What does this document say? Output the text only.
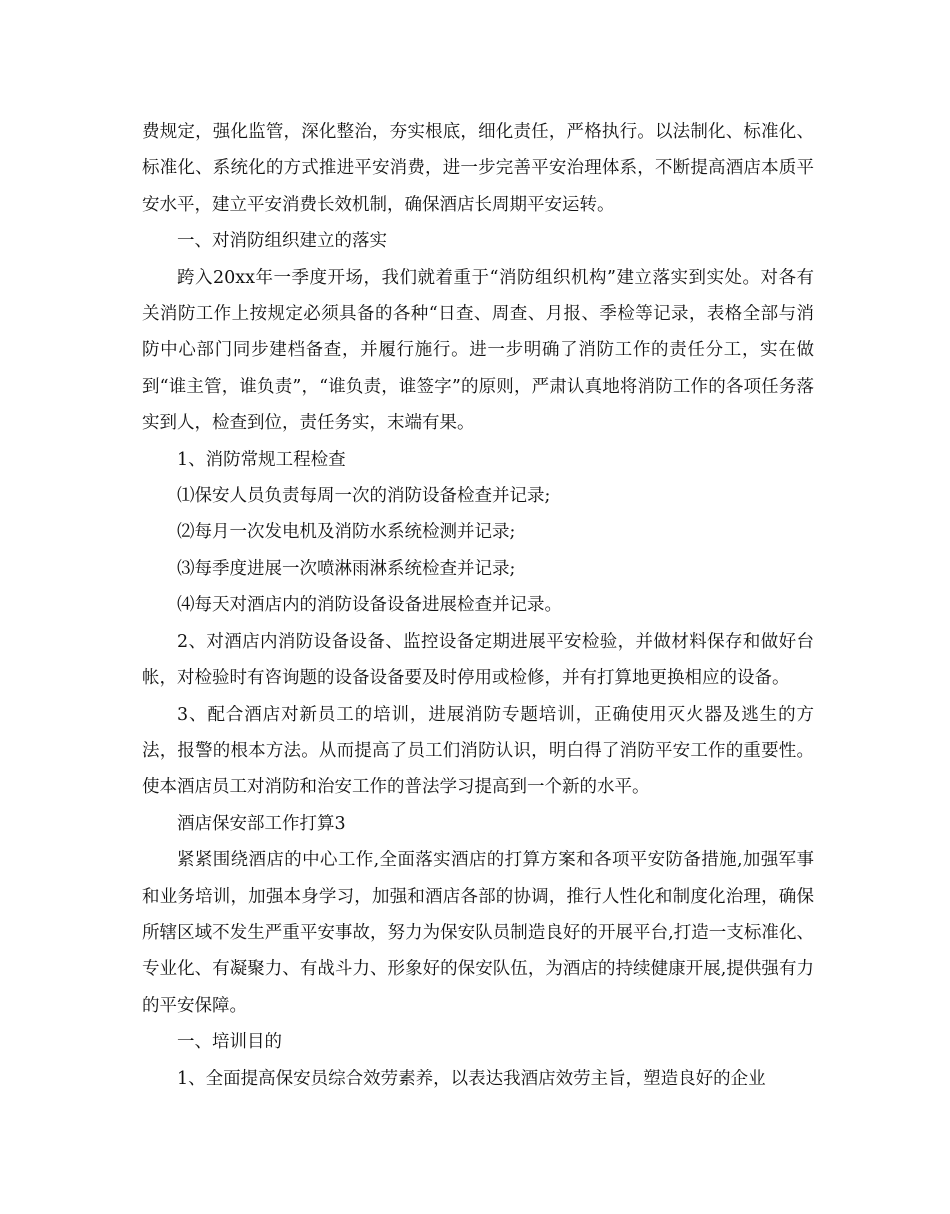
费规定，强化监管，深化整治，夯实根底，细化责任，严格执行。以法制化、标准化、标准化、系统化的方式推进平安消费，进一步完善平安治理体系，不断提高酒店本质平安水平，建立平安消费长效机制，确保酒店长周期平安运转。

一、对消防组织建立的落实

跨入20xx年一季度开场，我们就着重于“消防组织机构”建立落实到实处。对各有关消防工作上按规定必须具备的各种“日查、周查、月报、季检等记录，表格全部与消防中心部门同步建档备查，并履行施行。进一步明确了消防工作的责任分工，实在做到“谁主管，谁负责”，“谁负责，谁签字”的原则，严肃认真地将消防工作的各项任务落实到人，检查到位，责任务实，末端有果。

1、消防常规工程检查

⑴保安人员负责每周一次的消防设备检查并记录;

⑵每月一次发电机及消防水系统检测并记录;

⑶每季度进展一次喷淋雨淋系统检查并记录;

⑷每天对酒店内的消防设备设备进展检查并记录。

2、对酒店内消防设备设备、监控设备定期进展平安检验，并做材料保存和做好台帐，对检验时有咨询题的设备设备要及时停用或检修，并有打算地更换相应的设备。

3、配合酒店对新员工的培训，进展消防专题培训，正确使用灭火器及逃生的方法，报警的根本方法。从而提高了员工们消防认识，明白得了消防平安工作的重要性。使本酒店员工对消防和治安工作的普法学习提高到一个新的水平。

酒店保安部工作打算3

紧紧围绕酒店的中心工作,全面落实酒店的打算方案和各项平安防备措施,加强军事和业务培训，加强本身学习，加强和酒店各部的协调，推行人性化和制度化治理，确保所辖区域不发生严重平安事故，努力为保安队员制造良好的开展平台,打造一支标准化、专业化、有凝聚力、有战斗力、形象好的保安队伍，为酒店的持续健康开展,提供强有力的平安保障。

一、培训目的

1、全面提高保安员综合效劳素养，以表达我酒店效劳主旨，塑造良好的企业
